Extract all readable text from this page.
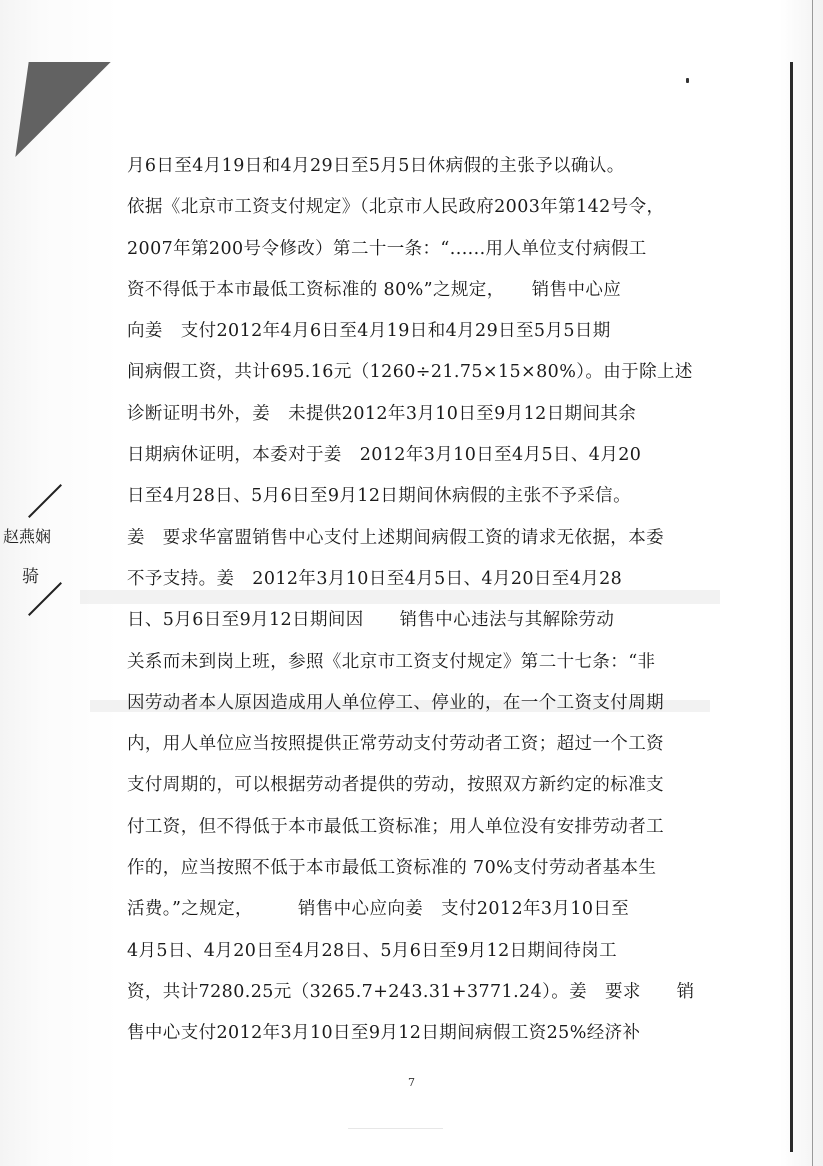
赵燕娴
骑
月6日至4月19日和4月29日至5月5日休病假的主张予以确认。
依据《北京市工资支付规定》（北京市人民政府2003年第142号令，
2007年第200号令修改）第二十一条：“......用人单位支付病假工
资不得低于本市最低工资标准的 80%”之规定，　　销售中心应
向姜　支付2012年4月6日至4月19日和4月29日至5月5日期
间病假工资，共计695.16元（1260÷21.75×15×80%）。由于除上述
诊断证明书外，姜　未提供2012年3月10日至9月12日期间其余
日期病休证明，本委对于姜　2012年3月10日至4月5日、4月20
日至4月28日、5月6日至9月12日期间休病假的主张不予采信。
姜　要求华富盟销售中心支付上述期间病假工资的请求无依据，本委
不予支持。姜　2012年3月10日至4月5日、4月20日至4月28
日、5月6日至9月12日期间因　　销售中心违法与其解除劳动
关系而未到岗上班，参照《北京市工资支付规定》第二十七条：“非
因劳动者本人原因造成用人单位停工、停业的，在一个工资支付周期
内，用人单位应当按照提供正常劳动支付劳动者工资；超过一个工资
支付周期的，可以根据劳动者提供的劳动，按照双方新约定的标准支
付工资，但不得低于本市最低工资标准；用人单位没有安排劳动者工
作的，应当按照不低于本市最低工资标准的 70%支付劳动者基本生
活费。”之规定，　　　销售中心应向姜　支付2012年3月10日至
4月5日、4月20日至4月28日、5月6日至9月12日期间待岗工
资，共计7280.25元（3265.7+243.31+3771.24）。姜　要求　　销
售中心支付2012年3月10日至9月12日期间病假工资25%经济补
7
